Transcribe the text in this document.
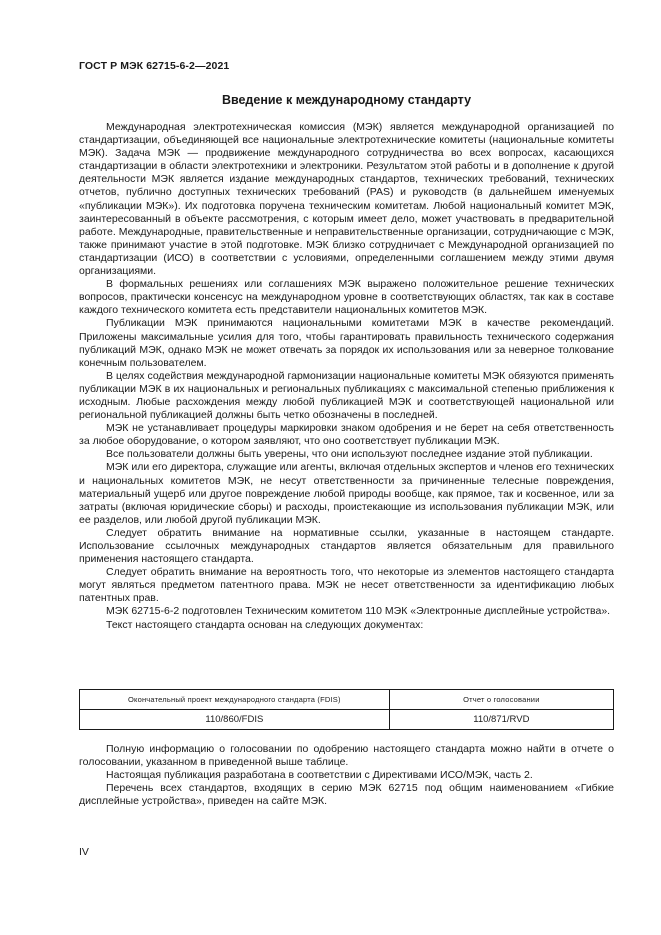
ГОСТ Р МЭК 62715-6-2—2021
Введение к международному стандарту

Международная электротехническая комиссия (МЭК) является международной организацией по стандартизации, объединяющей все национальные электротехнические комитеты (национальные комитеты МЭК). Задача МЭК — продвижение международного сотрудничества во всех вопросах, касающихся стандартизации в области электротехники и электроники. Результатом этой работы и в дополнение к другой деятельности МЭК является издание международных стандартов, технических требований, технических отчетов, публично доступных технических требований (PAS) и руководств (в дальнейшем именуемых «публикации МЭК»). Их подготовка поручена техническим комитетам. Любой национальный комитет МЭК, заинтересованный в объекте рассмотрения, с которым имеет дело, может участвовать в предварительной работе. Международные, правительственные и неправительственные организации, сотрудничающие с МЭК, также принимают участие в этой подготовке. МЭК близко сотрудничает с Международной организацией по стандартизации (ИСО) в соответствии с условиями, определенными соглашением между этими двумя организациями.

В формальных решениях или соглашениях МЭК выражено положительное решение технических вопросов, практически консенсус на международном уровне в соответствующих областях, так как в составе каждого технического комитета есть представители национальных комитетов МЭК.

Публикации МЭК принимаются национальными комитетами МЭК в качестве рекомендаций. Приложены максимальные усилия для того, чтобы гарантировать правильность технического содержания публикаций МЭК, однако МЭК не может отвечать за порядок их использования или за неверное толкование конечным пользователем.

В целях содействия международной гармонизации национальные комитеты МЭК обязуются применять публикации МЭК в их национальных и региональных публикациях с максимальной степенью приближения к исходным. Любые расхождения между любой публикацией МЭК и соответствующей национальной или региональной публикацией должны быть четко обозначены в последней.

МЭК не устанавливает процедуры маркировки знаком одобрения и не берет на себя ответственность за любое оборудование, о котором заявляют, что оно соответствует публикации МЭК.

Все пользователи должны быть уверены, что они используют последнее издание этой публикации.

МЭК или его директора, служащие или агенты, включая отдельных экспертов и членов его технических и национальных комитетов МЭК, не несут ответственности за причиненные телесные повреждения, материальный ущерб или другое повреждение любой природы вообще, как прямое, так и косвенное, или за затраты (включая юридические сборы) и расходы, проистекающие из использования публикации МЭК, или ее разделов, или любой другой публикации МЭК.

Следует обратить внимание на нормативные ссылки, указанные в настоящем стандарте. Использование ссылочных международных стандартов является обязательным для правильного применения настоящего стандарта.

Следует обратить внимание на вероятность того, что некоторые из элементов настоящего стандарта могут являться предметом патентного права. МЭК не несет ответственности за идентификацию любых патентных прав.

МЭК 62715-6-2 подготовлен Техническим комитетом 110 МЭК «Электронные дисплейные устройства».

Текст настоящего стандарта основан на следующих документах:

Окончательный проект международного стандарта (FDIS)	Отчет о голосовании
110/860/FDIS	110/871/RVD

Полную информацию о голосовании по одобрению настоящего стандарта можно найти в отчете о голосовании, указанном в приведенной выше таблице.

Настоящая публикация разработана в соответствии с Директивами ИСО/МЭК, часть 2.

Перечень всех стандартов, входящих в серию МЭК 62715 под общим наименованием «Гибкие дисплейные устройства», приведен на сайте МЭК.

IV
